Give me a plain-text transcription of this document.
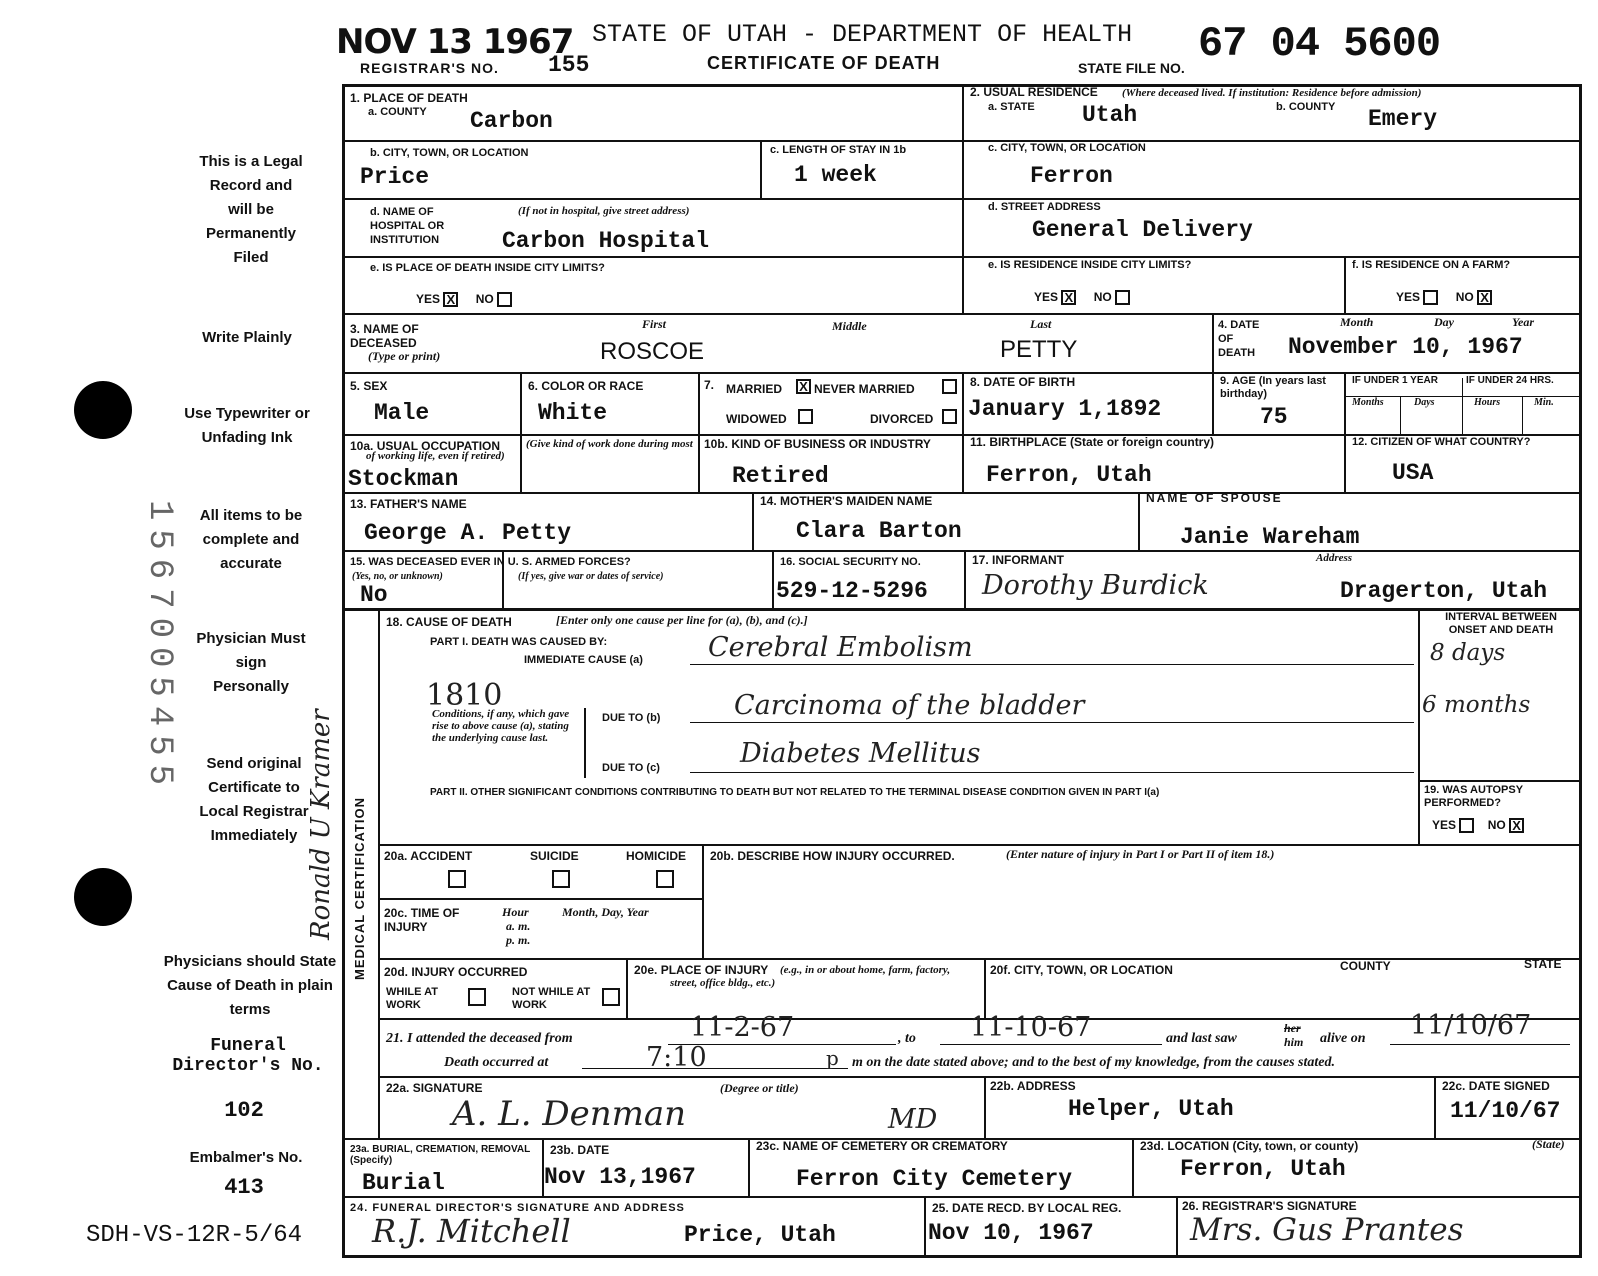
NOV 13 1967 STATE OF UTAH - DEPARTMENT OF HEALTH
REGISTRAR'S NO. 155	CERTIFICATE OF DEATH	STATE FILE NO. 67 04 5600
This is a Legal Record and will be Permanently Filed
Write Plainly
Use Typewriter or Unfading Ink
All items to be complete and accurate
Physician Must sign Personally
Send original Certificate to Local Registrar Immediately
Physicians should State Cause of Death in plain terms
Funeral Director's No.
102
Embalmer's No.
413
SDH-VS-12R-5/64
1567005455
Ronald U Kramer
1. PLACE OF DEATH
a. COUNTY Carbon
2. USUAL RESIDENCE (Where deceased lived. If institution: Residence before admission)
a. STATE Utah	b. COUNTY Emery
b. CITY, TOWN, OR LOCATION
Price
c. LENGTH OF STAY IN 1b
1 week
c. CITY, TOWN, OR LOCATION
Ferron
d. NAME OF HOSPITAL OR INSTITUTION
(If not in hospital, give street address)
Carbon Hospital
d. STREET ADDRESS
General Delivery
e. IS PLACE OF DEATH INSIDE CITY LIMITS?
YES X NO
e. IS RESIDENCE INSIDE CITY LIMITS?
YES X NO
f. IS RESIDENCE ON A FARM?
YES	NO X
3. NAME OF DECEASED
(Type or print)
First	Middle	Last
ROSCOE	PETTY
4. DATE OF DEATH
Month	Day	Year
November 10, 1967
5. SEX
Male
6. COLOR OR RACE
White
7. MARRIED X NEVER MARRIED
WIDOWED	DIVORCED
8. DATE OF BIRTH
January 1,1892
9. AGE (In years last birthday)
75
IF UNDER 1 YEAR	IF UNDER 24 HRS.
Months	Days	Hours	Min.
10a. USUAL OCCUPATION	(Give kind of work done during most of working life, even if retired)
Stockman
10b. KIND OF BUSINESS OR INDUSTRY
Retired
11. BIRTHPLACE (State or foreign country)
Ferron, Utah
12. CITIZEN OF WHAT COUNTRY?
USA
13. FATHER'S NAME
George A. Petty
14. MOTHER'S MAIDEN NAME
Clara Barton
NAME OF SPOUSE
Janie Wareham
15. WAS DECEASED EVER IN U. S. ARMED FORCES?
(Yes, no, or unknown)	(If yes, give war or dates of service)
No
16. SOCIAL SECURITY NO.
529-12-5296
17. INFORMANT
Dorothy Burdick
Address
Dragerton, Utah
MEDICAL CERTIFICATION
18. CAUSE OF DEATH	[Enter only one cause per line for (a), (b), and (c).]
PART I. DEATH WAS CAUSED BY:
IMMEDIATE CAUSE (a) Cerebral Embolism
INTERVAL BETWEEN ONSET AND DEATH
8 days
1810
Conditions, if any, which gave rise to above cause (a), stating the underlying cause last.
DUE TO (b)	Carcinoma of the bladder	6 months
DUE TO (c)	Diabetes Mellitus
PART II. OTHER SIGNIFICANT CONDITIONS CONTRIBUTING TO DEATH BUT NOT RELATED TO THE TERMINAL DISEASE CONDITION GIVEN IN PART I(a)	19. WAS AUTOPSY PERFORMED?
YES	NO X
20a. ACCIDENT	SUICIDE	HOMICIDE 20b. DESCRIBE HOW INJURY OCCURRED.	(Enter nature of injury in Part I or Part II of item 18.)
20c. TIME OF INJURY
Hour
a. m.
p. m.
Month, Day, Year
20d. INJURY OCCURRED
WHILE AT WORK
NOT WHILE AT WORK
20e. PLACE OF INJURY	(e.g., in or about home, farm, factory, street, office bldg., etc.)
20f. CITY, TOWN, OR LOCATION	COUNTY	STATE
21. I attended the deceased from	11-2-67	, to 11-10-67	and last saw
her
him alive on 11/10/67
Death occurred at	7:10	p m on the date stated above; and to the best of my knowledge, from the causes stated.
22a. SIGNATURE	(Degree or title)
A. L. Denman	MD
22b. ADDRESS
Helper, Utah
22c. DATE SIGNED
11/10/67
23a. BURIAL, CREMATION, REMOVAL (Specify)
Burial
23b. DATE
Nov 13,1967
23c. NAME OF CEMETERY OR CREMATORY
Ferron City Cemetery
23d. LOCATION (City, town, or county)	(State)
Ferron, Utah
24. FUNERAL DIRECTOR'S SIGNATURE AND ADDRESS
R.J. Mitchell	Price, Utah
25. DATE RECD. BY LOCAL REG.
Nov 10, 1967
26. REGISTRAR'S SIGNATURE
Mrs. Gus Prantes
